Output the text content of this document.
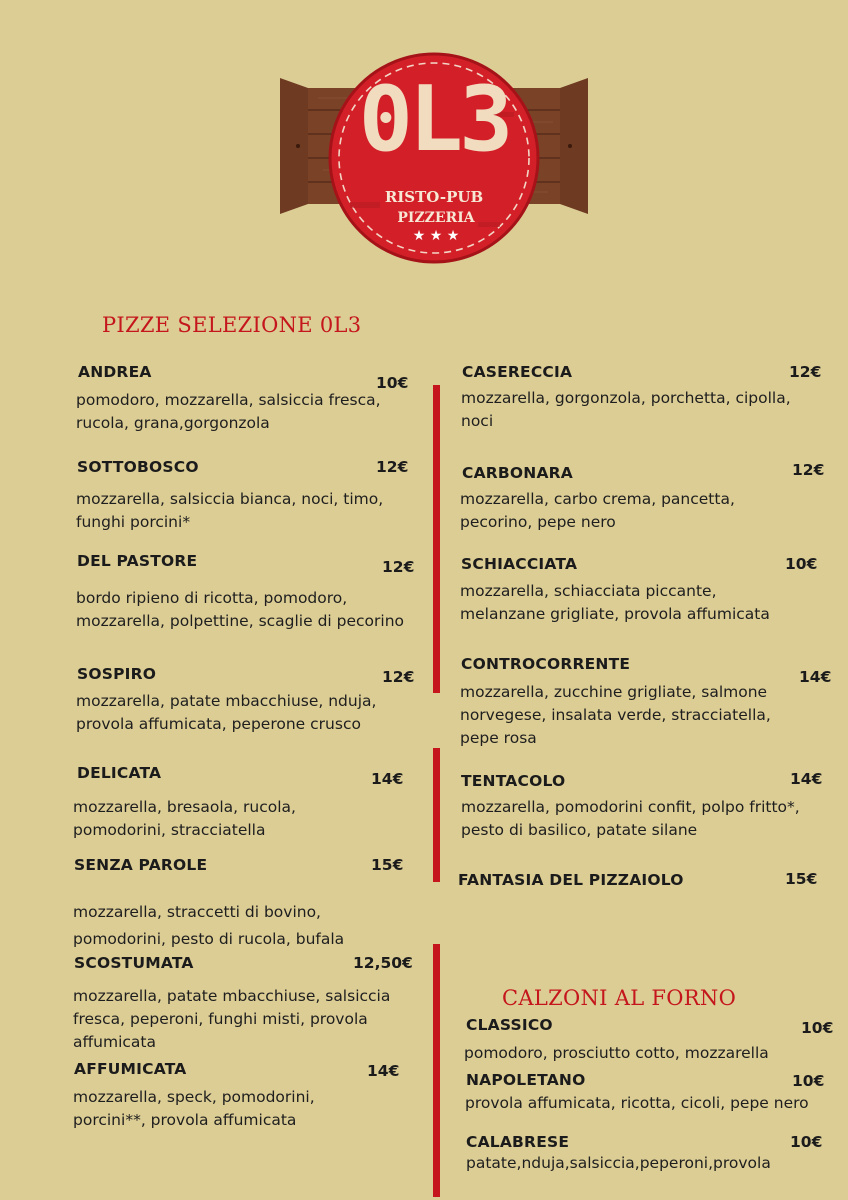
0L3
RISTO-PUB
PIZZERIA
★ ★ ★
PIZZE SELEZIONE 0L3
CALZONI AL FORNO
ANDREA
10€
pomodoro, mozzarella, salsiccia fresca, rucola, grana,gorgonzola
SOTTOBOSCO	12€
mozzarella, salsiccia bianca, noci, timo, funghi porcini*
DEL PASTORE	12€
bordo ripieno di ricotta, pomodoro, mozzarella, polpettine, scaglie di pecorino
SOSPIRO	12€
mozzarella, patate mbacchiuse, nduja, provola affumicata, peperone crusco
DELICATA	14€
mozzarella, bresaola, rucola, pomodorini, stracciatella
SENZA PAROLE	15€
mozzarella, straccetti di bovino, pomodorini, pesto di rucola, bufala
SCOSTUMATA	12,50€
mozzarella, patate mbacchiuse, salsiccia fresca, peperoni, funghi misti, provola affumicata
AFFUMICATA	14€
mozzarella, speck, pomodorini, porcini**, provola affumicata
CASERECCIA	12€
mozzarella, gorgonzola, porchetta, cipolla, noci
CARBONARA	12€
mozzarella, carbo crema, pancetta, pecorino, pepe nero
SCHIACCIATA	10€
mozzarella, schiacciata piccante, melanzane grigliate, provola affumicata
CONTROCORRENTE
14€
mozzarella, zucchine grigliate, salmone norvegese, insalata verde, stracciatella, pepe rosa
TENTACOLO	14€
mozzarella, pomodorini confit, polpo fritto*, pesto di basilico, patate silane
FANTASIA DEL PIZZAIOLO	15€
CLASSICO	10€
pomodoro, prosciutto cotto, mozzarella
NAPOLETANO	10€
provola affumicata, ricotta, cicoli, pepe nero
CALABRESE	10€
patate,nduja,salsiccia,peperoni,provola
